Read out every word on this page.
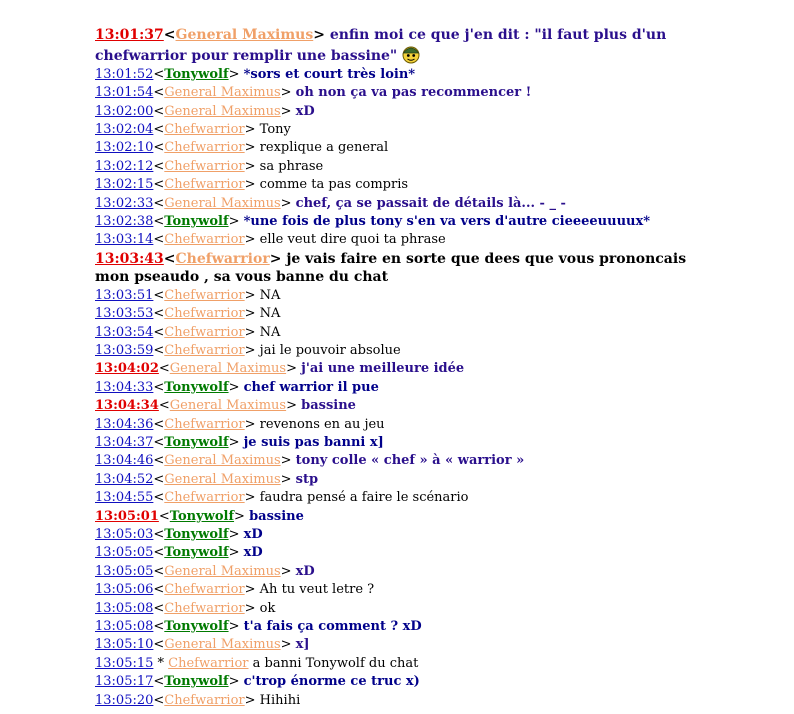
13:01:37<General Maximus> enfin moi ce que j'en dit : "il faut plus d'un chefwarrior pour remplir une bassine"
13:01:52<Tonywolf> *sors et court très loin*
13:01:54<General Maximus> oh non ça va pas recommencer !
13:02:00<General Maximus> xD
13:02:04<Chefwarrior> Tony
13:02:10<Chefwarrior> rexplique a general
13:02:12<Chefwarrior> sa phrase
13:02:15<Chefwarrior> comme ta pas compris
13:02:33<General Maximus> chef, ça se passait de détails là... - _ -
13:02:38<Tonywolf> *une fois de plus tony s'en va vers d'autre cieeeeuuuux*
13:03:14<Chefwarrior> elle veut dire quoi ta phrase
13:03:43<Chefwarrior> je vais faire en sorte que dees que vous prononcais mon pseaudo , sa vous banne du chat
13:03:51<Chefwarrior> NA
13:03:53<Chefwarrior> NA
13:03:54<Chefwarrior> NA
13:03:59<Chefwarrior> jai le pouvoir absolue
13:04:02<General Maximus> j'ai une meilleure idée
13:04:33<Tonywolf> chef warrior il pue
13:04:34<General Maximus> bassine
13:04:36<Chefwarrior> revenons en au jeu
13:04:37<Tonywolf> je suis pas banni x]
13:04:46<General Maximus> tony colle « chef » à « warrior »
13:04:52<General Maximus> stp
13:04:55<Chefwarrior> faudra pensé a faire le scénario
13:05:01<Tonywolf> bassine
13:05:03<Tonywolf> xD
13:05:05<Tonywolf> xD
13:05:05<General Maximus> xD
13:05:06<Chefwarrior> Ah tu veut letre ?
13:05:08<Chefwarrior> ok
13:05:08<Tonywolf> t'a fais ça comment ? xD
13:05:10<General Maximus> x]
13:05:15 * Chefwarrior a banni Tonywolf du chat
13:05:17<Tonywolf> c'trop énorme ce truc x)
13:05:20<Chefwarrior> Hihihi
